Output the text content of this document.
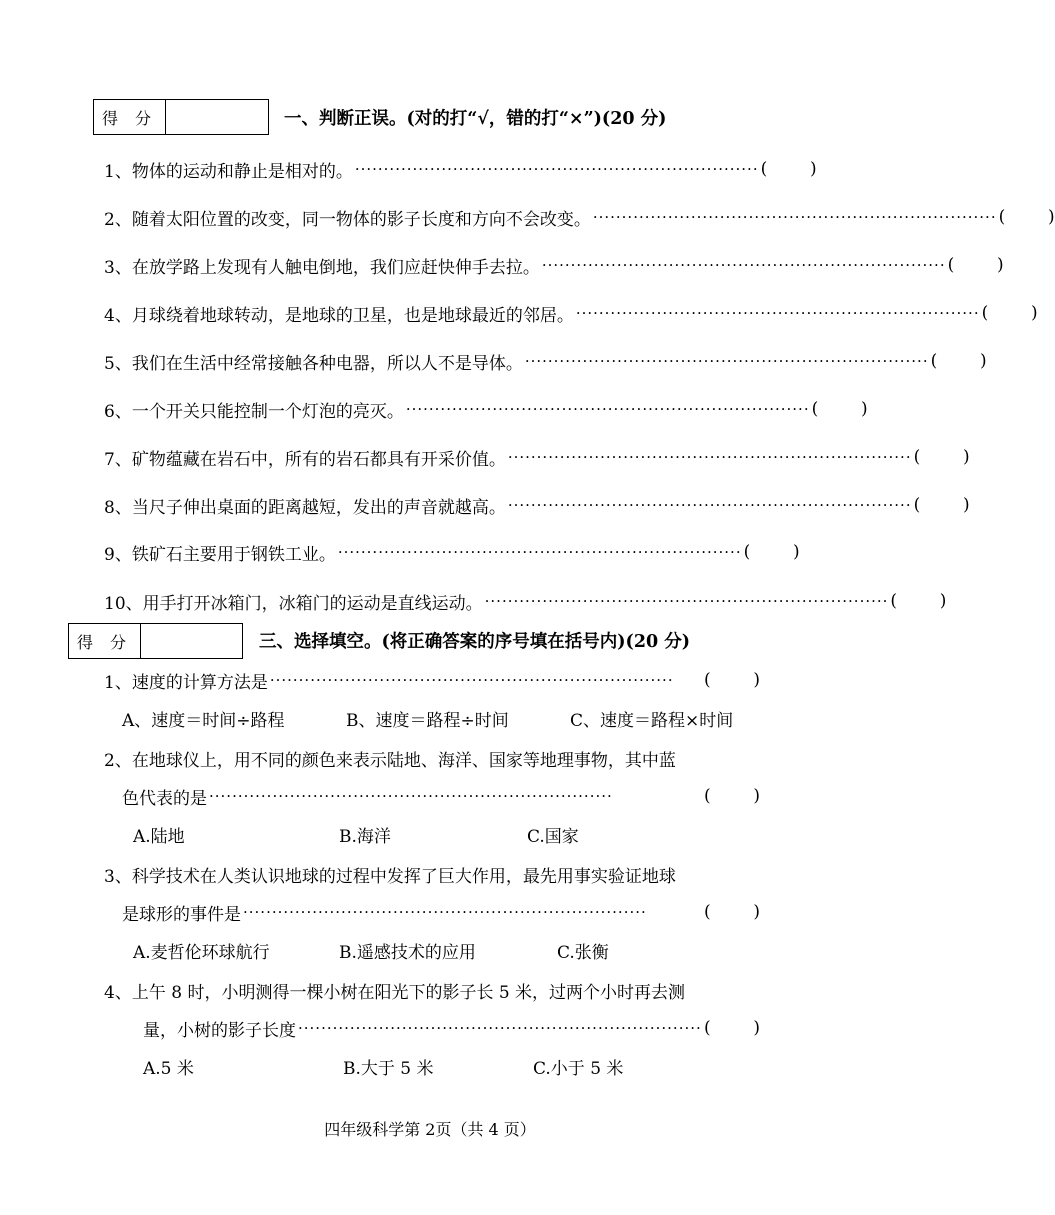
得 分	一、判断正误。(对的打“√，错的打“×”)(20 分)
1、物体的运动和静止是相对的。 ······································································ (	)
2、随着太阳位置的改变，同一物体的影子长度和方向不会改变。 ······································································ (	)
3、在放学路上发现有人触电倒地，我们应赶快伸手去拉。 ······································································ (	)
4、月球绕着地球转动，是地球的卫星，也是地球最近的邻居。 ······································································ (	)
5、我们在生活中经常接触各种电器，所以人不是导体。 ······································································ (	)
6、一个开关只能控制一个灯泡的亮灭。 ······································································ (	)
7、矿物蕴藏在岩石中，所有的岩石都具有开采价值。 ······································································ (	)
8、当尺子伸出桌面的距离越短，发出的声音就越高。 ······································································ (	)
9、铁矿石主要用于钢铁工业。 ······································································ (	)
10、用手打开冰箱门，冰箱门的运动是直线运动。 ······································································ (	)
得 分	三、选择填空。(将正确答案的序号填在括号内)(20 分)
1、速度的计算方法是 ······································································	(	)
A、速度＝时间÷路程	B、速度＝路程÷时间	C、速度＝路程×时间
2、在地球仪上，用不同的颜色来表示陆地、海洋、国家等地理事物，其中蓝
色代表的是 ······································································	(	)
A.陆地	B.海洋	C.国家
3、科学技术在人类认识地球的过程中发挥了巨大作用，最先用事实验证地球
是球形的事件是 ······································································	(	)
A.麦哲伦环球航行	B.遥感技术的应用	C.张衡
4、上午 8 时，小明测得一棵小树在阳光下的影子长 5 米，过两个小时再去测
量，小树的影子长度 ······································································ (	)
A.5 米	B.大于 5 米	C.小于 5 米
四年级科学第 2页（共 4 页）
